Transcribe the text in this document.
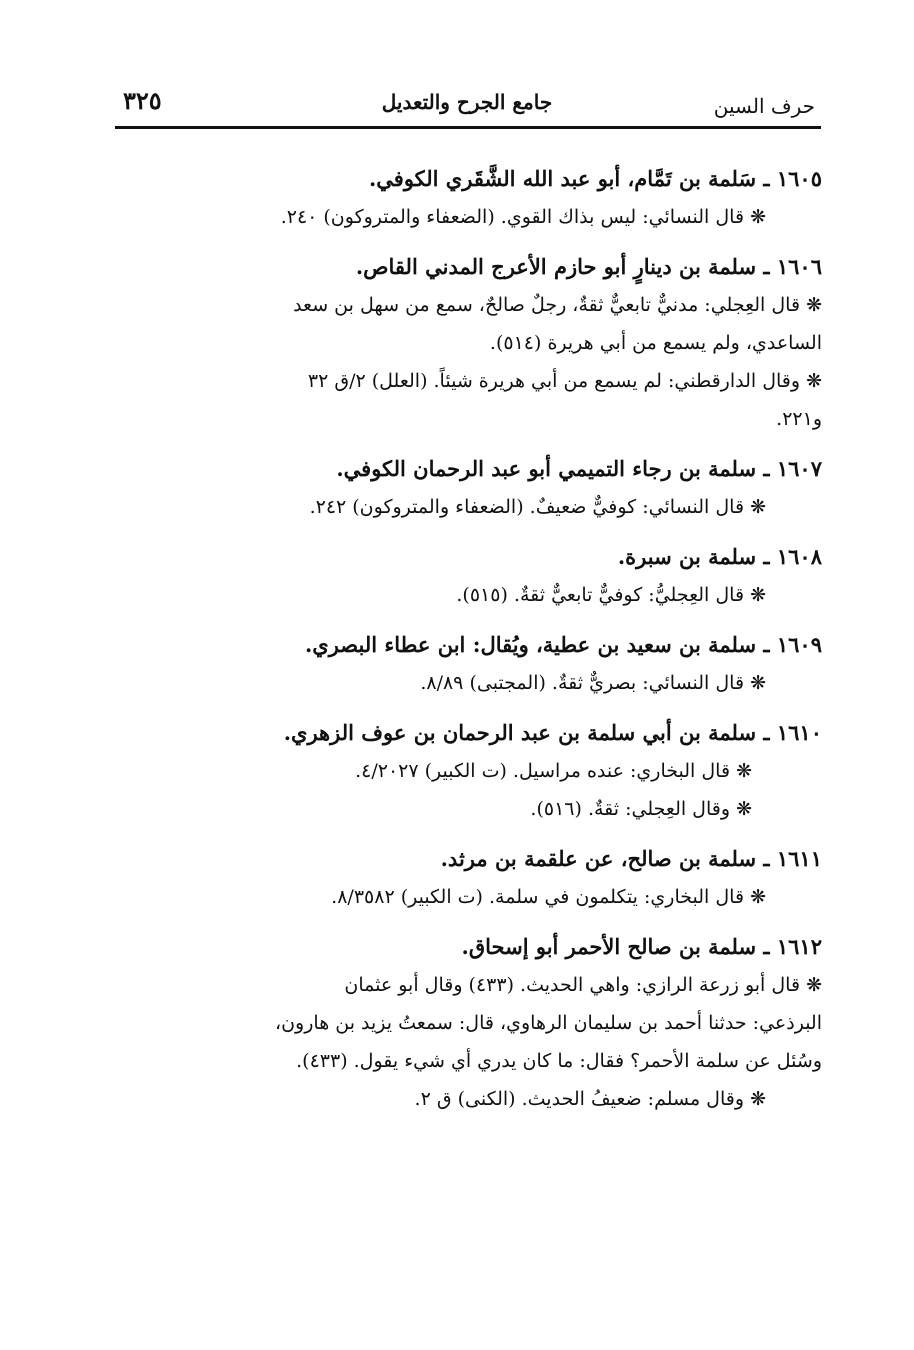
٣٢٥	جامع الجرح والتعديل	حرف السين
١٦٠٥ ـ سَلمة بن تَمَّام، أبو عبد الله الشَّقَري الكوفي.
❋ قال النسائي: ليس بذاك القوي. (الضعفاء والمتروكون) ٢٤٠.
١٦٠٦ ـ سلمة بن دينارٍ أبو حازم الأعرج المدني القاص.
❋ قال العِجلي: مدنيٌّ تابعيٌّ ثقةٌ، رجلٌ صالحٌ، سمع من سهل بن سعد
الساعدي، ولم يسمع من أبي هريرة (٥١٤).
❋ وقال الدارقطني: لم يسمع من أبي هريرة شيئاً. (العلل) ٢/ق ٣٢
و٢٢١.
١٦٠٧ ـ سلمة بن رجاء التميمي أبو عبد الرحمان الكوفي.
❋ قال النسائي: كوفيٌّ ضعيفٌ. (الضعفاء والمتروكون) ٢٤٢.
١٦٠٨ ـ سلمة بن سبرة.
❋ قال العِجليُّ: كوفيٌّ تابعيٌّ ثقةٌ. (٥١٥).
١٦٠٩ ـ سلمة بن سعيد بن عطية، ويُقال: ابن عطاء البصري.
❋ قال النسائي: بصريٌّ ثقةٌ. (المجتبى) ٨/٨٩.
١٦١٠ ـ سلمة بن أبي سلمة بن عبد الرحمان بن عوف الزهري.
❋ قال البخاري: عنده مراسيل. (ت الكبير) ٤/٢٠٢٧.
❋ وقال العِجلي: ثقةٌ. (٥١٦).
١٦١١ ـ سلمة بن صالح، عن علقمة بن مرثد.
❋ قال البخاري: يتكلمون في سلمة. (ت الكبير) ٨/٣٥٨٢.
١٦١٢ ـ سلمة بن صالح الأحمر أبو إسحاق.
❋ قال أبو زرعة الرازي: واهي الحديث. (٤٣٣) وقال أبو عثمان
البرذعي: حدثنا أحمد بن سليمان الرهاوي، قال: سمعتُ يزيد بن هارون،
وسُئل عن سلمة الأحمر؟ فقال: ما كان يدري أي شيء يقول. (٤٣٣).
❋ وقال مسلم: ضعيفُ الحديث. (الكنى) ق ٢.
